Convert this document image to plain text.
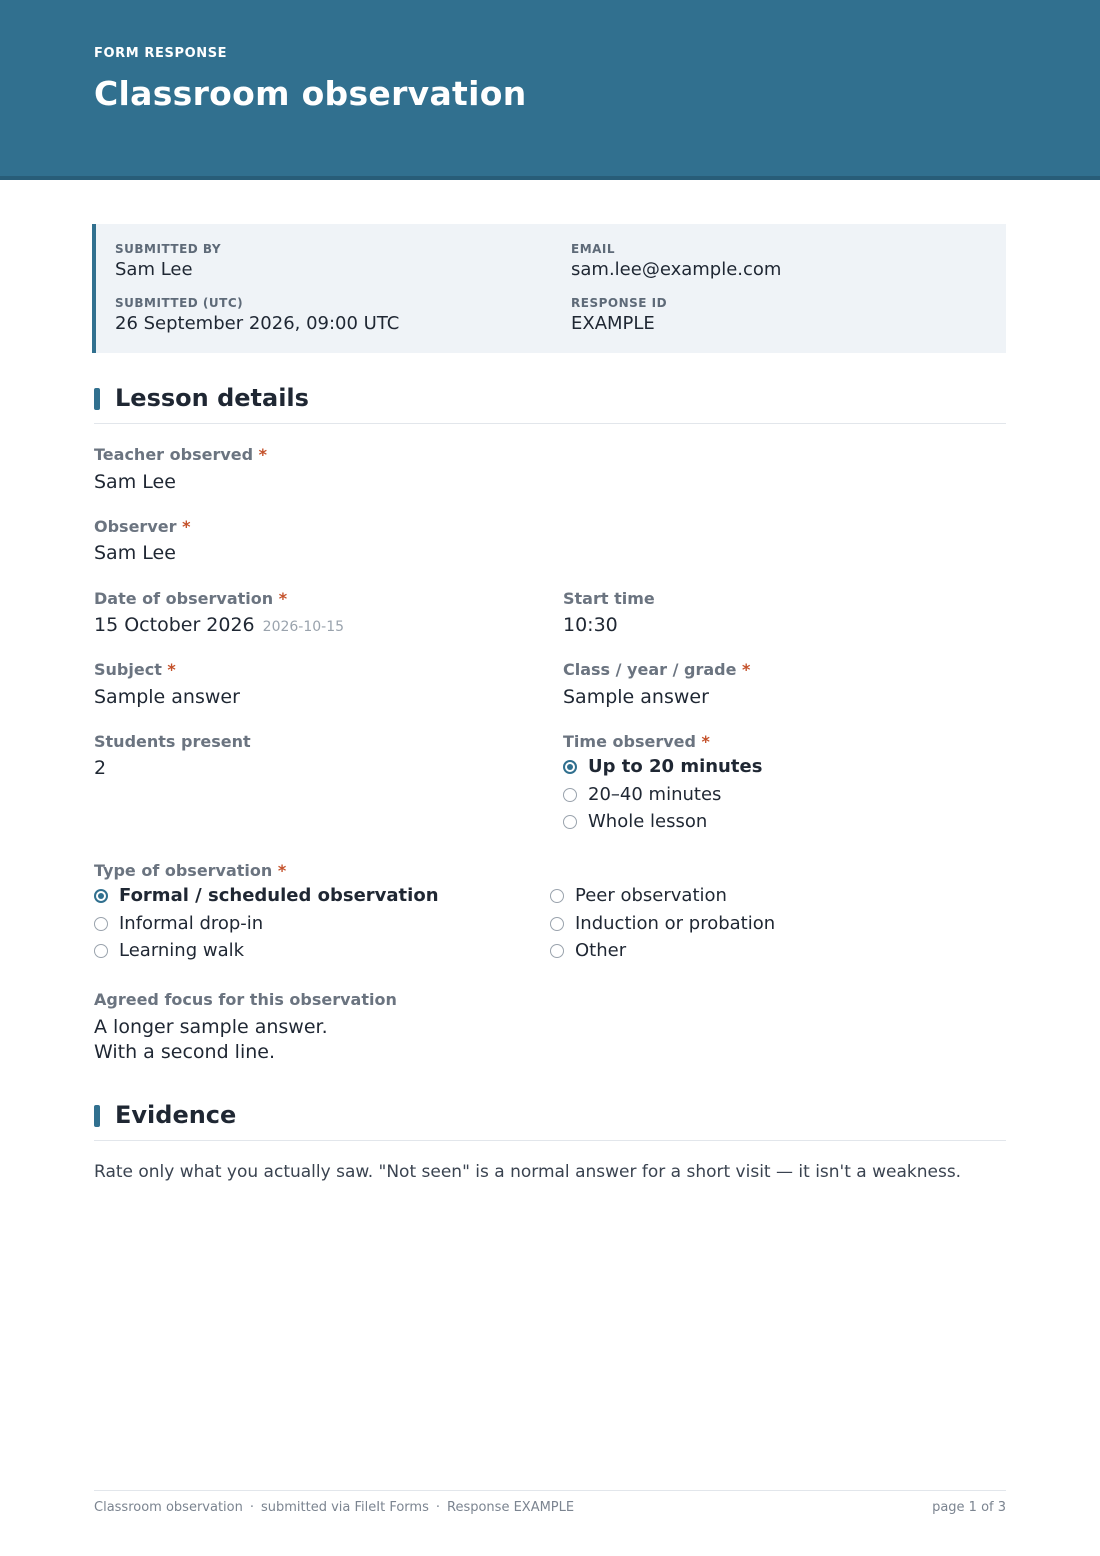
FORM RESPONSE
Classroom observation
SUBMITTED BY
Sam Lee
EMAIL
sam.lee@example.com
SUBMITTED (UTC)
26 September 2026, 09:00 UTC
RESPONSE ID
EXAMPLE
Lesson details
Teacher observed *
Sam Lee
Observer *
Sam Lee
Date of observation *
15 October 2026 2026-10-15
Start time
10:30
Subject *
Sample answer
Class / year / grade *
Sample answer
Students present
2
Time observed *
Up to 20 minutes
20–40 minutes
Whole lesson
Type of observation *
Formal / scheduled observation
Informal drop-in
Learning walk
Peer observation
Induction or probation
Other
Agreed focus for this observation
A longer sample answer.
With a second line.
Evidence
Rate only what you actually saw. "Not seen" is a normal answer for a short visit — it isn't a weakness.
Classroom observation · submitted via FileIt Forms · Response EXAMPLE	page 1 of 3
